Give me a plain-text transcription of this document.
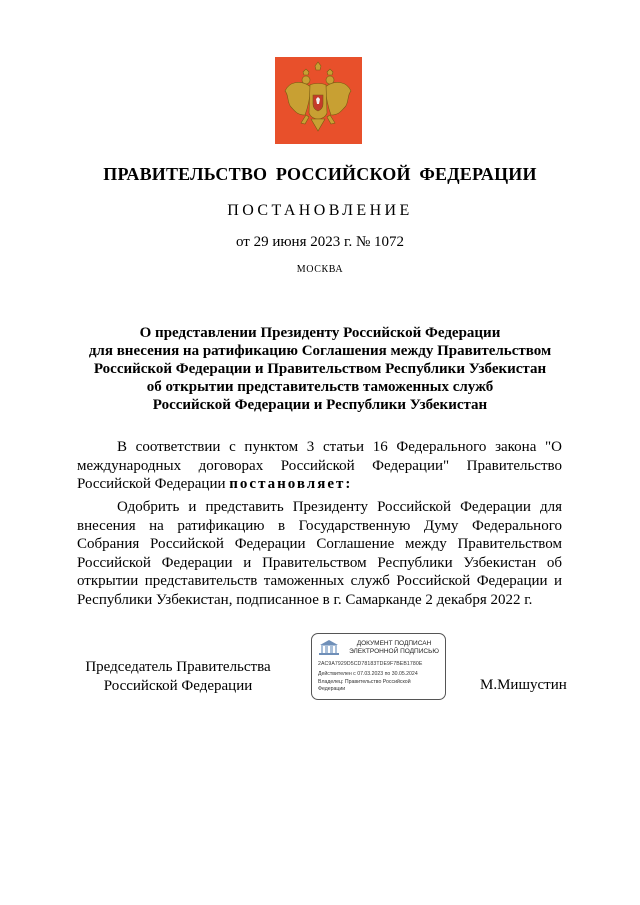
ПРАВИТЕЛЬСТВО РОССИЙСКОЙ ФЕДЕРАЦИИ
ПОСТАНОВЛЕНИЕ
от 29 июня 2023 г. № 1072
МОСКВА
О представлении Президенту Российской Федерации
для внесения на ратификацию Соглашения между Правительством
Российской Федерации и Правительством Республики Узбекистан
об открытии представительств таможенных служб
Российской Федерации и Республики Узбекистан
В соответствии с пунктом 3 статьи 16 Федерального закона "О международных договорах Российской Федерации" Правительство Российской Федерации постановляет:
Одобрить и представить Президенту Российской Федерации для внесения на ратификацию в Государственную Думу Федерального Собрания Российской Федерации Соглашение между Правительством Российской Федерации и Правительством Республики Узбекистан об открытии представительств таможенных служб Российской Федерации и Республики Узбекистан, подписанное в г. Самарканде 2 декабря 2022 г.
Председатель Правительства
Российской Федерации	М.Мишустин
ДОКУМЕНТ ПОДПИСАН
ЭЛЕКТРОННОЙ ПОДПИСЬЮ
2AC9A7929D5CD78183TDE9F7BEB1780E
Действителен с 07.03.2023 по 30.05.2024
Владелец: Правительство Российской
Федерации
